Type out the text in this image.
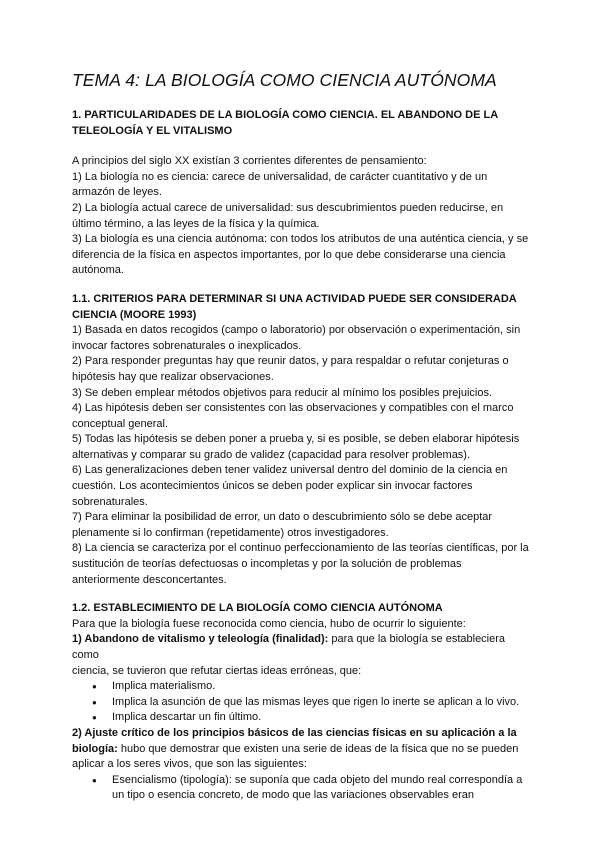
TEMA 4: LA BIOLOGÍA COMO CIENCIA AUTÓNOMA
1. PARTICULARIDADES DE LA BIOLOGÍA COMO CIENCIA. EL ABANDONO DE LA TELEOLOGÍA Y EL VITALISMO

A principios del siglo XX existían 3 corrientes diferentes de pensamiento:

1) La biología no es ciencia: carece de universalidad, de carácter cuantitativo y de un armazón de leyes.

2) La biología actual carece de universalidad: sus descubrimientos pueden reducirse, en último término, a las leyes de la física y la química.

3) La biología es una ciencia autónoma: con todos los atributos de una auténtica ciencia, y se diferencia de la física en aspectos importantes, por lo que debe considerarse una ciencia autónoma.

1.1. CRITERIOS PARA DETERMINAR SI UNA ACTIVIDAD PUEDE SER CONSIDERADA CIENCIA (MOORE 1993)

1) Basada en datos recogidos (campo o laboratorio) por observación o experimentación, sin invocar factores sobrenaturales o inexplicados.

2) Para responder preguntas hay que reunir datos, y para respaldar o refutar conjeturas o hipótesis hay que realizar observaciones.

3) Se deben emplear métodos objetivos para reducir al mínimo los posibles prejuicios.

4) Las hipótesis deben ser consistentes con las observaciones y compatibles con el marco conceptual general.

5) Todas las hipótesis se deben poner a prueba y, si es posible, se deben elaborar hipótesis alternativas y comparar su grado de validez (capacidad para resolver problemas).

6) Las generalizaciones deben tener validez universal dentro del dominio de la ciencia en cuestión. Los acontecimientos únicos se deben poder explicar sin invocar factores sobrenaturales.

7) Para eliminar la posibilidad de error, un dato o descubrimiento sólo se debe aceptar plenamente si lo confirman (repetidamente) otros investigadores.

8) La ciencia se caracteriza por el continuo perfeccionamiento de las teorías científicas, por la sustitución de teorías defectuosas o incompletas y por la solución de problemas anteriormente desconcertantes.

1.2. ESTABLECIMIENTO DE LA BIOLOGÍA COMO CIENCIA AUTÓNOMA

Para que la biología fuese reconocida como ciencia, hubo de ocurrir lo siguiente:

1) Abandono de vitalismo y teleología (finalidad): para que la biología se estableciera como

ciencia, se tuvieron que refutar ciertas ideas erróneas, que:

● Implica materialismo.
● Implica la asunción de que las mismas leyes que rigen lo inerte se aplican a lo vivo.
● Implica descartar un fin último.

2) Ajuste crítico de los principios básicos de las ciencias físicas en su aplicación a la biología: hubo que demostrar que existen una serie de ideas de la física que no se pueden aplicar a los seres vivos, que son las siguientes:

● Esencialismo (tipología): se suponía que cada objeto del mundo real correspondía a un tipo o esencia concreto, de modo que las variaciones observables eran
